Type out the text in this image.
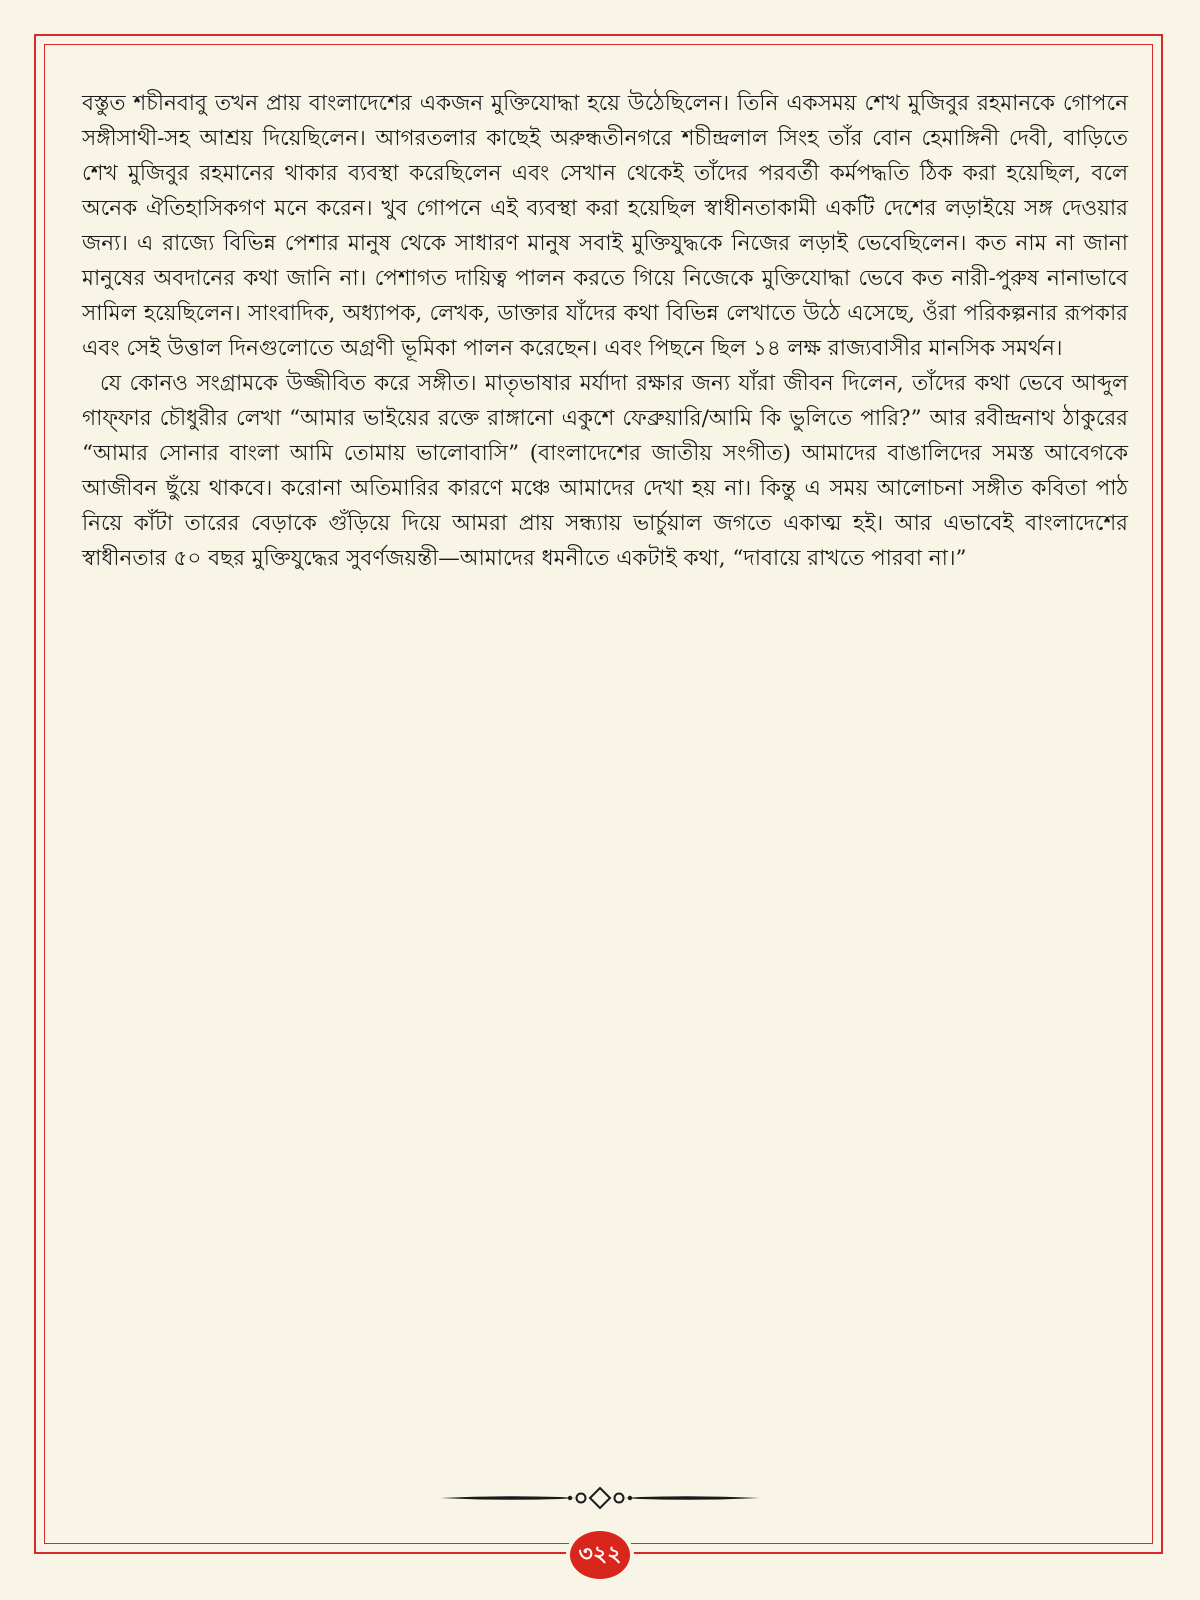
বস্তুত শচীনবাবু তখন প্রায় বাংলাদেশের একজন মুক্তিযোদ্ধা হয়ে উঠেছিলেন। তিনি একসময় শেখ মুজিবুর রহমানকে গোপনে সঙ্গীসাথী-সহ আশ্রয় দিয়েছিলেন। আগরতলার কাছেই অরুন্ধতীনগরে শচীন্দ্রলাল সিংহ তাঁর বোন হেমাঙ্গিনী দেবী, বাড়িতে শেখ মুজিবুর রহমানের থাকার ব্যবস্থা করেছিলেন এবং সেখান থেকেই তাঁদের পরবর্তী কর্মপদ্ধতি ঠিক করা হয়েছিল, বলে অনেক ঐতিহাসিকগণ মনে করেন। খুব গোপনে এই ব্যবস্থা করা হয়েছিল স্বাধীনতাকামী একটি দেশের লড়াইয়ে সঙ্গ দেওয়ার জন্য। এ রাজ্যে বিভিন্ন পেশার মানুষ থেকে সাধারণ মানুষ সবাই মুক্তিযুদ্ধকে নিজের লড়াই ভেবেছিলেন। কত নাম না জানা মানুষের অবদানের কথা জানি না। পেশাগত দায়িত্ব পালন করতে গিয়ে নিজেকে মুক্তিযোদ্ধা ভেবে কত নারী-পুরুষ নানাভাবে সামিল হয়েছিলেন। সাংবাদিক, অধ্যাপক, লেখক, ডাক্তার যাঁদের কথা বিভিন্ন লেখাতে উঠে এসেছে, ওঁরা পরিকল্পনার রূপকার এবং সেই উত্তাল দিনগুলোতে অগ্রণী ভূমিকা পালন করেছেন। এবং পিছনে ছিল ১৪ লক্ষ রাজ্যবাসীর মানসিক সমর্থন।

যে কোনও সংগ্রামকে উজ্জীবিত করে সঙ্গীত। মাতৃভাষার মর্যাদা রক্ষার জন্য যাঁরা জীবন দিলেন, তাঁদের কথা ভেবে আব্দুল গাফ্ফার চৌধুরীর লেখা “আমার ভাইয়ের রক্তে রাঙ্গানো একুশে ফেব্রুয়ারি/আমি কি ভুলিতে পারি?” আর রবীন্দ্রনাথ ঠাকুরের “আমার সোনার বাংলা আমি তোমায় ভালোবাসি” (বাংলাদেশের জাতীয় সংগীত) আমাদের বাঙালিদের সমস্ত আবেগকে আজীবন ছুঁয়ে থাকবে। করোনা অতিমারির কারণে মঞ্চে আমাদের দেখা হয় না। কিন্তু এ সময় আলোচনা সঙ্গীত কবিতা পাঠ নিয়ে কাঁটা তারের বেড়াকে গুঁড়িয়ে দিয়ে আমরা প্রায় সন্ধ্যায় ভার্চুয়াল জগতে একাত্ম হই। আর এভাবেই বাংলাদেশের স্বাধীনতার ৫০ বছর মুক্তিযুদ্ধের সুবর্ণজয়ন্তী—আমাদের ধমনীতে একটাই কথা, “দাবায়ে রাখতে পারবা না।”

৩২২
